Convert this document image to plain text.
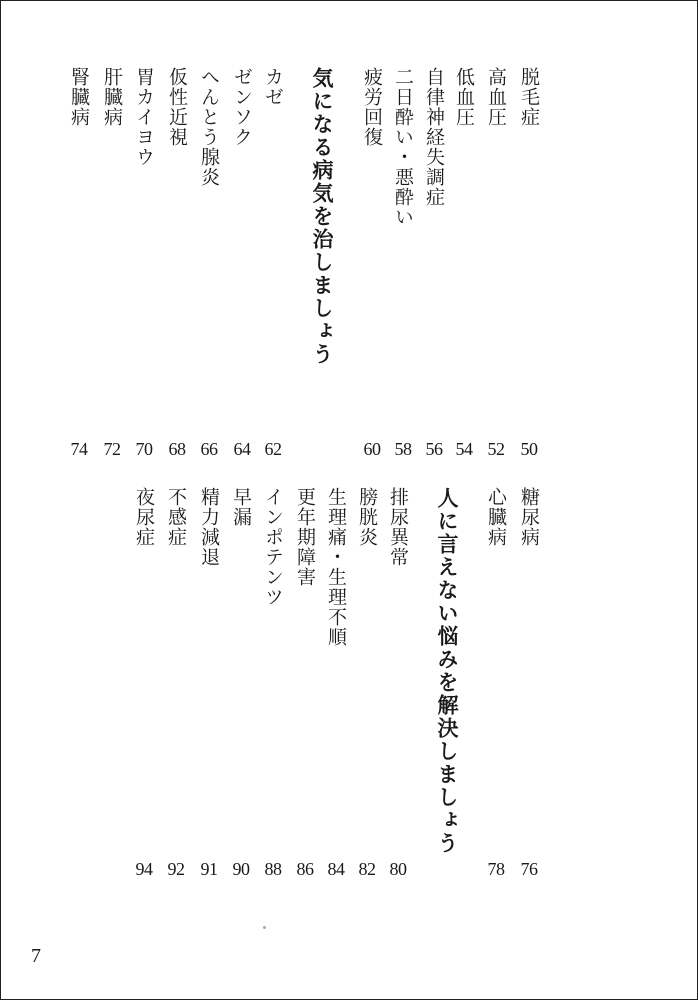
脱毛症
50
高血圧
52
低血圧
54
自律神経失調症
56
二日酔い・悪酔い
58
疲労回復
60
気になる病気を治しましょう
カゼ
62
ゼンソク
64
へんとう腺炎
66
仮性近視
68
胃カイヨウ
70
肝臓病
72
腎臓病
74
糖尿病
76
心臓病
78
人に言えない悩みを解決しましょう
排尿異常
80
膀胱炎
82
生理痛・生理不順
84
更年期障害
86
インポテンツ
88
早漏
90
精力減退
91
不感症
92
夜尿症
94
7
